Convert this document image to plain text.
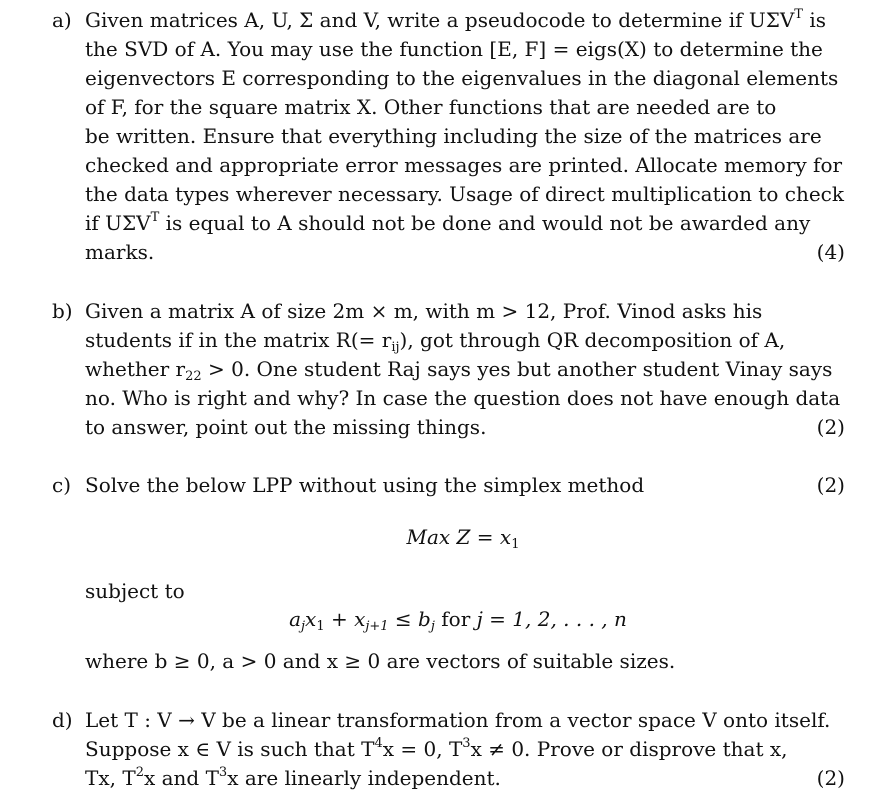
a) Given matrices A, U, Σ and V, write a pseudocode to determine if $U\Sigma V^T$ is
the SVD of A. You may use the function [E, F] = eigs(X) to determine the
eigenvectors E corresponding to the eigenvalues in the diagonal elements
of F, for the square matrix X. Other functions that are needed are to
be written. Ensure that everything including the size of the matrices are
checked and appropriate error messages are printed. Allocate memory for
the data types wherever necessary. Usage of direct multiplication to check
if $U\Sigma V^T$ is equal to A should not be done and would not be awarded any
marks.	(4)
b) Given a matrix A of size 2m × m, with m > 12, Prof. Vinod asks his
students if in the matrix $R(= r_{ij})$, got through QR decomposition of A,
whether $r_{22} > 0$. One student Raj says yes but another student Vinay says
no. Who is right and why? In case the question does not have enough data
to answer, point out the missing things.	(2)
c) Solve the below LPP without using the simplex method	(2)
Max $Z = x_1$
subject to
$a_jx_1 + x_{j+1} \le b_j$ for j = 1, 2, . . . , n
where b ≥ 0, a > 0 and x ≥ 0 are vectors of suitable sizes.
d) Let T : V → V be a linear transformation from a vector space V onto itself.
Suppose x ∈ V is such that $T^4x = 0$, $T^3x \ne 0$. Prove or disprove that x,
Tx, $T^2x$ and $T^3x$ are linearly independent.	(2)
